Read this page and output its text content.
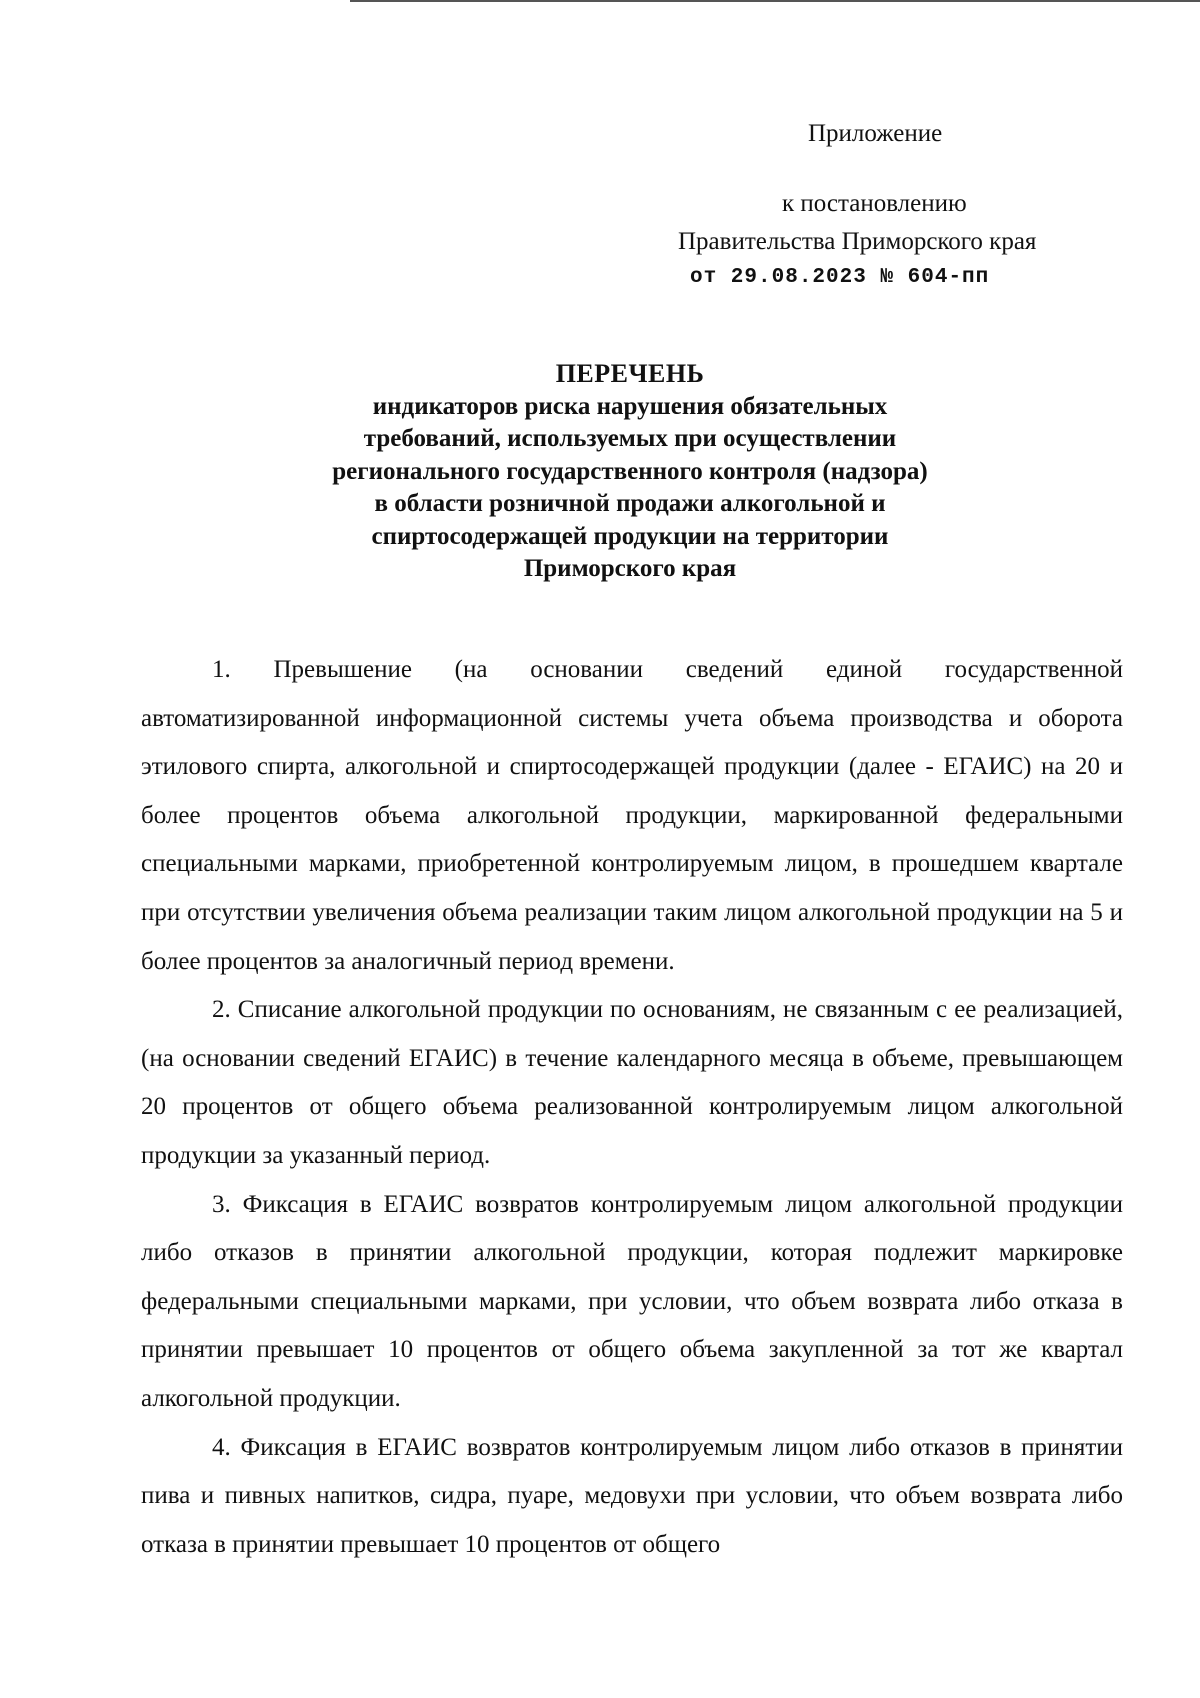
Приложение
к постановлению
Правительства Приморского края
от 29.08.2023 № 604-пп
ПЕРЕЧЕНЬ
индикаторов риска нарушения обязательных
требований, используемых при осуществлении
регионального государственного контроля (надзора)
в области розничной продажи алкогольной и
спиртосодержащей продукции на территории
Приморского края

1. Превышение (на основании сведений единой государственной автоматизированной информационной системы учета объема производства и оборота этилового спирта, алкогольной и спиртосодержащей продукции (далее - ЕГАИС) на 20 и более процентов объема алкогольной продукции, маркированной федеральными специальными марками, приобретенной контролируемым лицом, в прошедшем квартале при отсутствии увеличения объема реализации таким лицом алкогольной продукции на 5 и более процентов за аналогичный период времени.

2. Списание алкогольной продукции по основаниям, не связанным с ее реализацией, (на основании сведений ЕГАИС) в течение календарного месяца в объеме, превышающем 20 процентов от общего объема реализованной контролируемым лицом алкогольной продукции за указанный период.

3. Фиксация в ЕГАИС возвратов контролируемым лицом алкогольной продукции либо отказов в принятии алкогольной продукции, которая подлежит маркировке федеральными специальными марками, при условии, что объем возврата либо отказа в принятии превышает 10 процентов от общего объема закупленной за тот же квартал алкогольной продукции.

4. Фиксация в ЕГАИС возвратов контролируемым лицом либо отказов в принятии пива и пивных напитков, сидра, пуаре, медовухи при условии, что объем возврата либо отказа в принятии превышает 10 процентов от общего
